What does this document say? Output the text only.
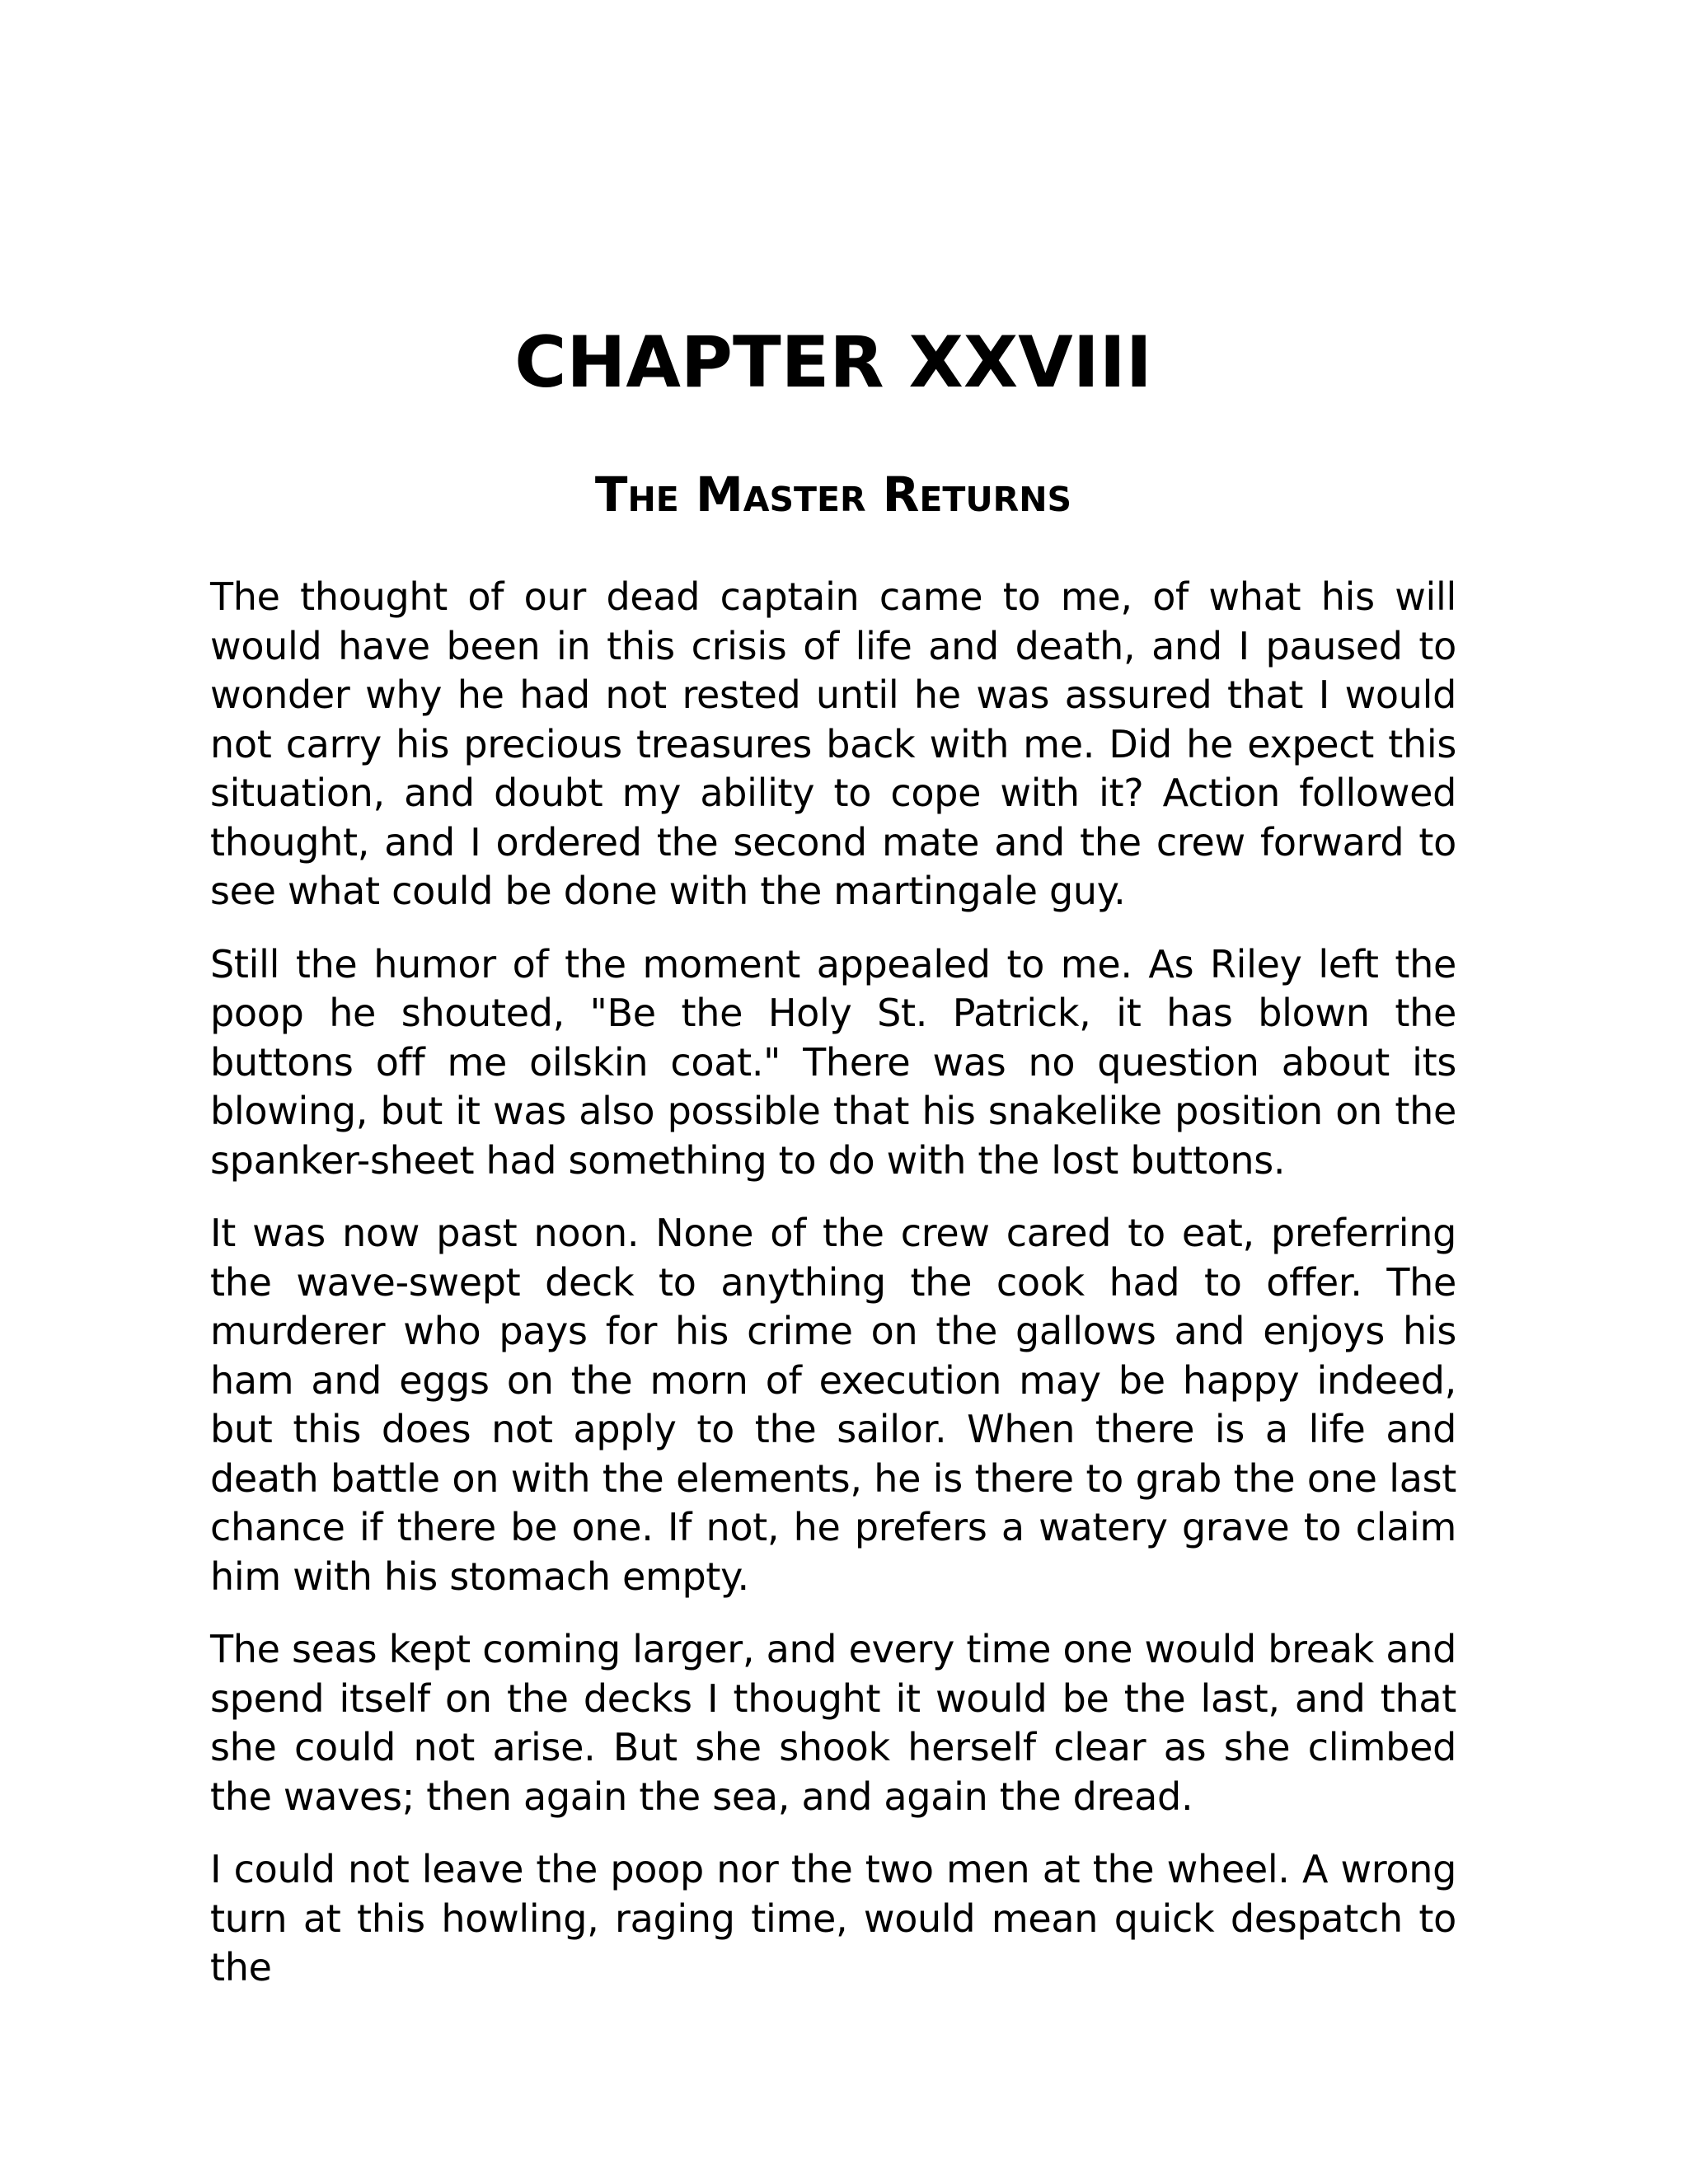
CHAPTER XXVIII
The Master Returns

The thought of our dead captain came to me, of what his will would have been in this crisis of life and death, and I paused to wonder why he had not rested until he was assured that I would not carry his precious treasures back with me. Did he expect this situation, and doubt my ability to cope with it? Action followed thought, and I ordered the second mate and the crew forward to see what could be done with the martingale guy.

Still the humor of the moment appealed to me. As Riley left the poop he shouted, "Be the Holy St. Patrick, it has blown the buttons off me oilskin coat." There was no question about its blowing, but it was also possible that his snakelike position on the spanker-sheet had something to do with the lost buttons.

It was now past noon. None of the crew cared to eat, preferring the wave-swept deck to anything the cook had to offer. The murderer who pays for his crime on the gallows and enjoys his ham and eggs on the morn of execution may be happy indeed, but this does not apply to the sailor. When there is a life and death battle on with the elements, he is there to grab the one last chance if there be one. If not, he prefers a watery grave to claim him with his stomach empty.

The seas kept coming larger, and every time one would break and spend itself on the decks I thought it would be the last, and that she could not arise. But she shook herself clear as she climbed the waves; then again the sea, and again the dread.

I could not leave the poop nor the two men at the wheel. A wrong turn at this howling, raging time, would mean quick despatch to the
